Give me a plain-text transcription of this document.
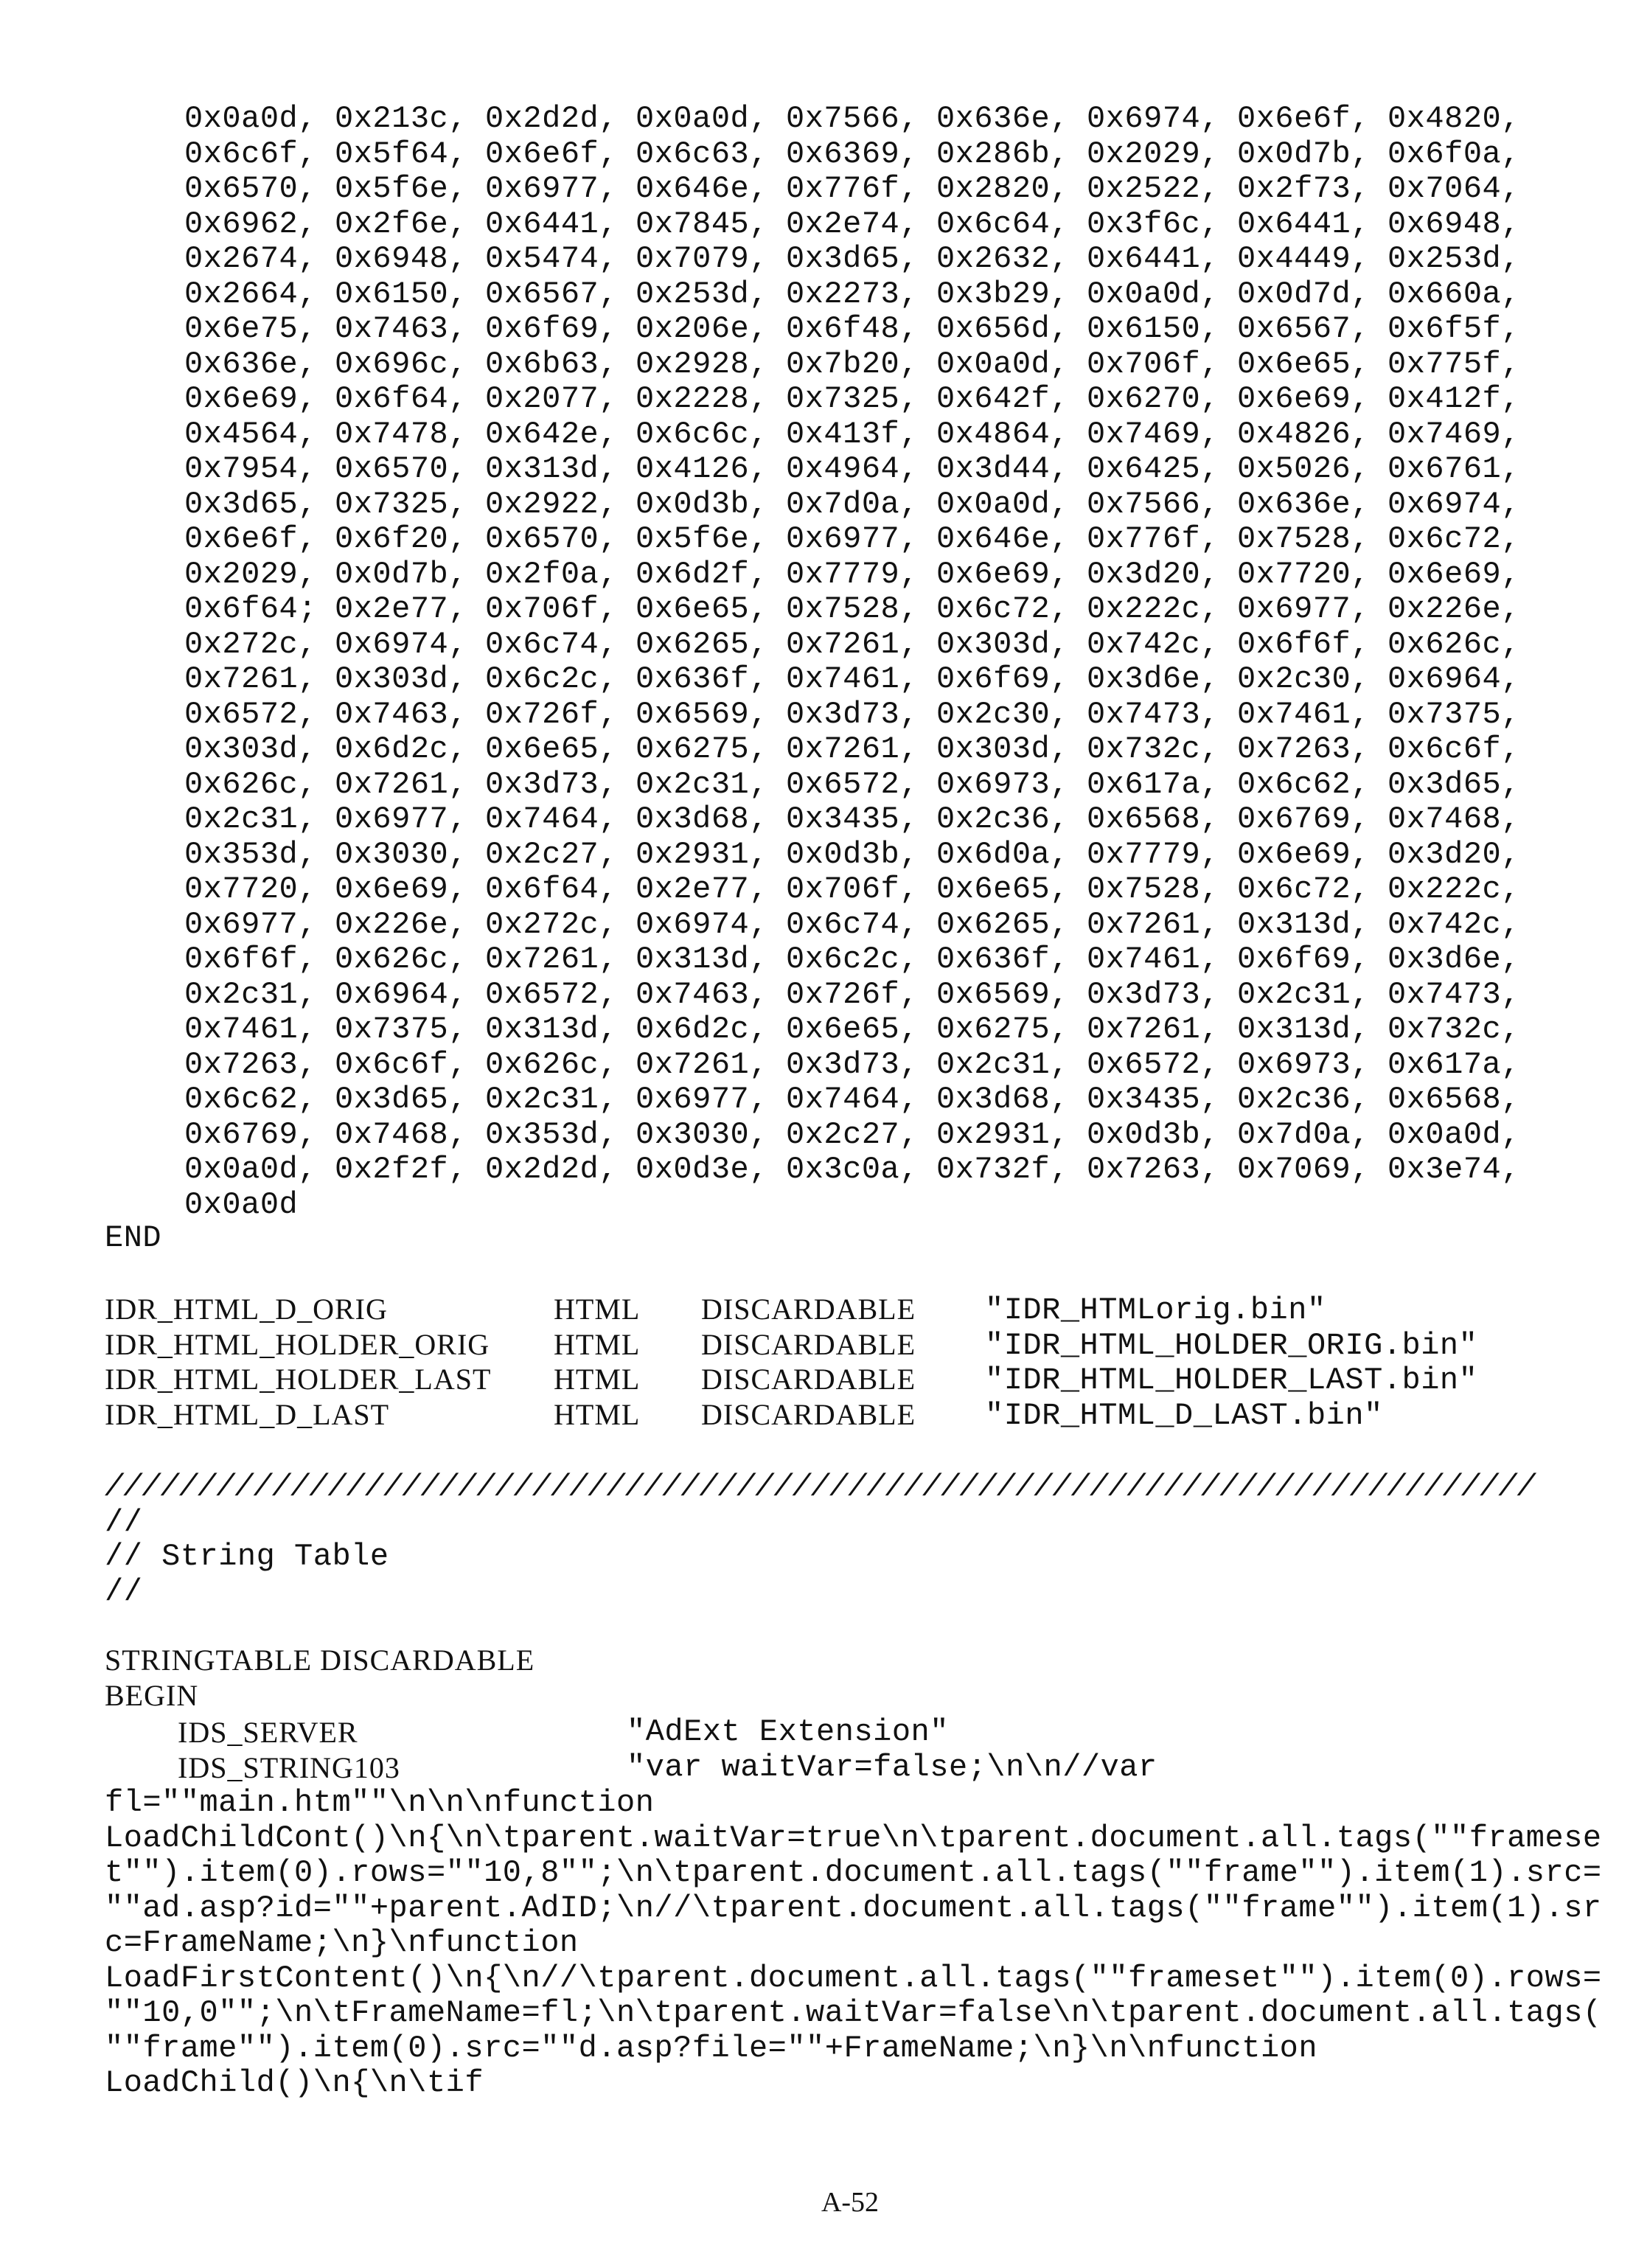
0x0a0d, 0x213c, 0x2d2d, 0x0a0d, 0x7566, 0x636e, 0x6974, 0x6e6f, 0x4820,
0x6c6f, 0x5f64, 0x6e6f, 0x6c63, 0x6369, 0x286b, 0x2029, 0x0d7b, 0x6f0a,
0x6570, 0x5f6e, 0x6977, 0x646e, 0x776f, 0x2820, 0x2522, 0x2f73, 0x7064,
0x6962, 0x2f6e, 0x6441, 0x7845, 0x2e74, 0x6c64, 0x3f6c, 0x6441, 0x6948,
0x2674, 0x6948, 0x5474, 0x7079, 0x3d65, 0x2632, 0x6441, 0x4449, 0x253d,
0x2664, 0x6150, 0x6567, 0x253d, 0x2273, 0x3b29, 0x0a0d, 0x0d7d, 0x660a,
0x6e75, 0x7463, 0x6f69, 0x206e, 0x6f48, 0x656d, 0x6150, 0x6567, 0x6f5f,
0x636e, 0x696c, 0x6b63, 0x2928, 0x7b20, 0x0a0d, 0x706f, 0x6e65, 0x775f,
0x6e69, 0x6f64, 0x2077, 0x2228, 0x7325, 0x642f, 0x6270, 0x6e69, 0x412f,
0x4564, 0x7478, 0x642e, 0x6c6c, 0x413f, 0x4864, 0x7469, 0x4826, 0x7469,
0x7954, 0x6570, 0x313d, 0x4126, 0x4964, 0x3d44, 0x6425, 0x5026, 0x6761,
0x3d65, 0x7325, 0x2922, 0x0d3b, 0x7d0a, 0x0a0d, 0x7566, 0x636e, 0x6974,
0x6e6f, 0x6f20, 0x6570, 0x5f6e, 0x6977, 0x646e, 0x776f, 0x7528, 0x6c72,
0x2029, 0x0d7b, 0x2f0a, 0x6d2f, 0x7779, 0x6e69, 0x3d20, 0x7720, 0x6e69,
0x6f64; 0x2e77, 0x706f, 0x6e65, 0x7528, 0x6c72, 0x222c, 0x6977, 0x226e,
0x272c, 0x6974, 0x6c74, 0x6265, 0x7261, 0x303d, 0x742c, 0x6f6f, 0x626c,
0x7261, 0x303d, 0x6c2c, 0x636f, 0x7461, 0x6f69, 0x3d6e, 0x2c30, 0x6964,
0x6572, 0x7463, 0x726f, 0x6569, 0x3d73, 0x2c30, 0x7473, 0x7461, 0x7375,
0x303d, 0x6d2c, 0x6e65, 0x6275, 0x7261, 0x303d, 0x732c, 0x7263, 0x6c6f,
0x626c, 0x7261, 0x3d73, 0x2c31, 0x6572, 0x6973, 0x617a, 0x6c62, 0x3d65,
0x2c31, 0x6977, 0x7464, 0x3d68, 0x3435, 0x2c36, 0x6568, 0x6769, 0x7468,
0x353d, 0x3030, 0x2c27, 0x2931, 0x0d3b, 0x6d0a, 0x7779, 0x6e69, 0x3d20,
0x7720, 0x6e69, 0x6f64, 0x2e77, 0x706f, 0x6e65, 0x7528, 0x6c72, 0x222c,
0x6977, 0x226e, 0x272c, 0x6974, 0x6c74, 0x6265, 0x7261, 0x313d, 0x742c,
0x6f6f, 0x626c, 0x7261, 0x313d, 0x6c2c, 0x636f, 0x7461, 0x6f69, 0x3d6e,
0x2c31, 0x6964, 0x6572, 0x7463, 0x726f, 0x6569, 0x3d73, 0x2c31, 0x7473,
0x7461, 0x7375, 0x313d, 0x6d2c, 0x6e65, 0x6275, 0x7261, 0x313d, 0x732c,
0x7263, 0x6c6f, 0x626c, 0x7261, 0x3d73, 0x2c31, 0x6572, 0x6973, 0x617a,
0x6c62, 0x3d65, 0x2c31, 0x6977, 0x7464, 0x3d68, 0x3435, 0x2c36, 0x6568,
0x6769, 0x7468, 0x353d, 0x3030, 0x2c27, 0x2931, 0x0d3b, 0x7d0a, 0x0a0d,
0x0a0d, 0x2f2f, 0x2d2d, 0x0d3e, 0x3c0a, 0x732f, 0x7263, 0x7069, 0x3e74,
0x0a0d
END
IDR_HTML_D_ORIG	HTML DISCARDABLE "IDR_HTMLorig.bin"
IDR_HTML_HOLDER_ORIG HTML DISCARDABLE "IDR_HTML_HOLDER_ORIG.bin"
IDR_HTML_HOLDER_LAST HTML DISCARDABLE "IDR_HTML_HOLDER_LAST.bin"
IDR_HTML_D_LAST	HTML DISCARDABLE "IDR_HTML_D_LAST.bin"
/////////////////////////////////////////////////////////////////////////////
//
// String Table
//
STRINGTABLE DISCARDABLE
BEGIN
IDS_SERVER	"AdExt Extension"
IDS_STRING103	"var waitVar=false;\n\n//var
fl=""main.htm""\n\n\nfunction
LoadChildCont()\n{\n\tparent.waitVar=true\n\tparent.document.all.tags(""framese
t"").item(0).rows=""10,8"";\n\tparent.document.all.tags(""frame"").item(1).src=
""ad.asp?id=""+parent.AdID;\n//\tparent.document.all.tags(""frame"").item(1).sr
c=FrameName;\n}\nfunction
LoadFirstContent()\n{\n//\tparent.document.all.tags(""frameset"").item(0).rows=
""10,0"";\n\tFrameName=fl;\n\tparent.waitVar=false\n\tparent.document.all.tags(
""frame"").item(0).src=""d.asp?file=""+FrameName;\n}\n\nfunction
LoadChild()\n{\n\tif
A-52
